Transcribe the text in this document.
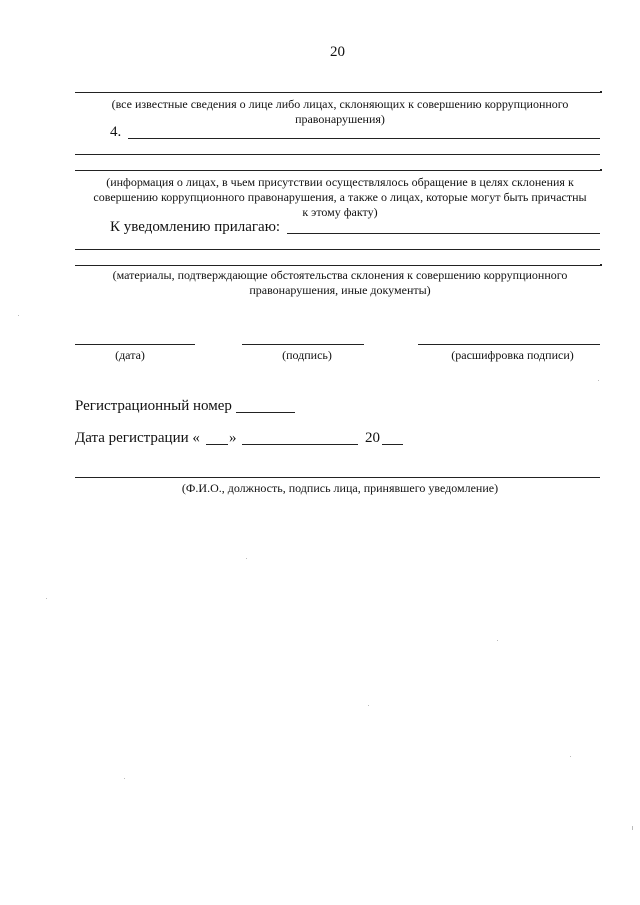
20
(все известные сведения о лице либо лицах, склоняющих к совершению коррупционного правонарушения)
4.
(информация о лицах, в чьем присутствии осуществлялось обращение в целях склонения к совершению коррупционного правонарушения, а также о лицах, которые могут быть причастны к этому факту)
К уведомлению прилагаю:
(материалы, подтверждающие обстоятельства склонения к совершению коррупционного правонарушения, иные документы)
(дата)	(подпись)	(расшифровка подписи)
Регистрационный номер
Дата регистрации « »	20
(Ф.И.О., должность, подпись лица, принявшего уведомление)
